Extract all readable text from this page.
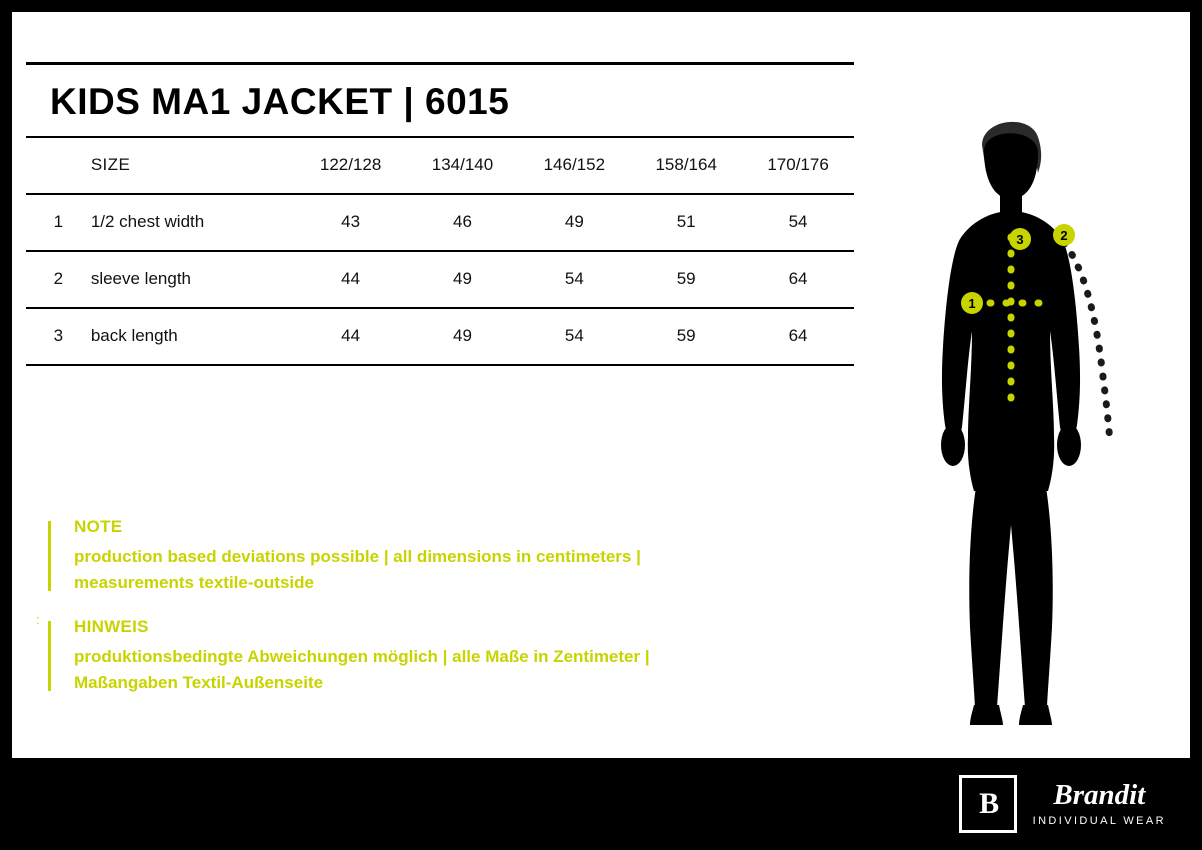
KIDS MA1 JACKET | 6015
	SIZE	122/128	134/140	146/152	158/164	170/176
1	1/2 chest width	43	46	49	51	54
2	sleeve length	44	49	54	59	64
3	back length	44	49	54	59	64
:
NOTE
production based deviations possible | all dimensions in centimeters |
measurements textile-outside
HINWEIS
produktionsbedingte Abweichungen möglich | alle Maße in Zentimeter |
Maßangaben Textil-Außenseite
1
3	2
B	Brandit
INDIVIDUAL WEAR
